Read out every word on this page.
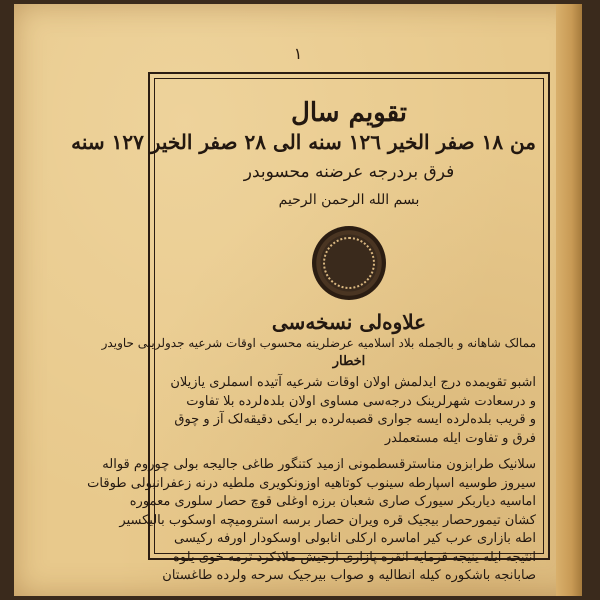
١
تقویم سال
من ١٨ صفر الخیر ١٢٦ سنه الی ٢٨ صفر الخیر ١٢٧ سنه
فرق بردرجه عرضنه محسوبدر
بسم الله الرحمن الرحیم
علاوه‌لی نسخه‌سی
ممالک شاهانه و بالجمله بلاد اسلامیه عرضلرینه محسوب اوقات شرعیه جدولرینی حاویدر
اخطار
اشبو تقویمده درج ایدلمش اولان اوقات شرعیه آتیده اسملری یازیلان
و درسعادت شهرلرینک درجه‌سی مساوی اولان بلدہ‌لرده بلا تفاوت
و قریب بلده‌لرده ایسه جواری قصبه‌لرده بر ایکی دقیقه‌لک آز و چوق
فرق و تفاوت ایله مستعملدر
سلانیک طرابزون مناسترقسطمونی ازمید کتنگور طاغی جالیجه بولی چوروم قواله
سیروز طوسیه اسپارطه سینوب کوتاهیه اوزونکویری ملطیه درنه زعفرانبولی طوقات
اماسیه دیاربکر سیورک صاری شعبان برزه اوغلی قوچ حصار سلوری معموره
کشان تیمورحصار بیجیک قره ویران حصار برسه استرومیچه اوسکوب بالیکسیر
اطه بازاری عرب کیر اماسره ارکلی انابولی اوسکودار اورفه رکیسی
انتیجه ایله ینیجه قرمایه انقره پازاری ارجیش ملاذکرد ترمه خوی یلوه
صابانجه باشکوره کیله انطالیه و صواب بیرجیک سرحه ولرده طاغستان
